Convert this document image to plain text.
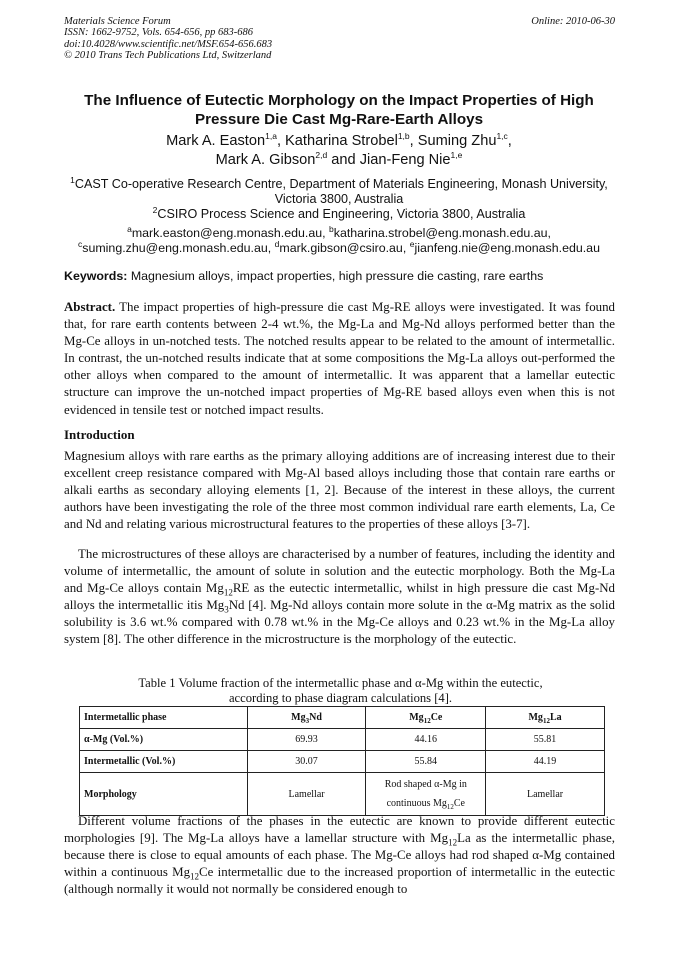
Materials Science Forum
ISSN: 1662-9752, Vols. 654-656, pp 683-686
doi:10.4028/www.scientific.net/MSF.654-656.683
© 2010 Trans Tech Publications Ltd, Switzerland
Online: 2010-06-30
The Influence of Eutectic Morphology on the Impact Properties of High
Pressure Die Cast Mg-Rare-Earth Alloys
Mark A. Easton$^{1,a}$, Katharina Strobel$^{1,b}$, Suming Zhu$^{1,c}$,
Mark A. Gibson$^{2,d}$ and Jian-Feng Nie$^{1,e}$
$^1$CAST Co-operative Research Centre, Department of Materials Engineering, Monash University,
Victoria 3800, Australia
$^2$CSIRO Process Science and Engineering, Victoria 3800, Australia
$^a$mark.easton@eng.monash.edu.au, $^b$katharina.strobel@eng.monash.edu.au,
$^c$suming.zhu@eng.monash.edu.au, $^d$mark.gibson@csiro.au, $^e$jianfeng.nie@eng.monash.edu.au
Keywords: Magnesium alloys, impact properties, high pressure die casting, rare earths
Abstract. The impact properties of high-pressure die cast Mg-RE alloys were investigated. It was found that, for rare earth contents between 2-4 wt.%, the Mg-La and Mg-Nd alloys performed better than the Mg-Ce alloys in un-notched tests. The notched results appear to be related to the amount of intermetallic. In contrast, the un-notched results indicate that at some compositions the Mg-La alloys out-performed the other alloys when compared to the amount of intermetallic. It was apparent that a lamellar eutectic structure can improve the un-notched impact properties of Mg-RE based alloys even when this is not evidenced in tensile test or notched impact results.
Introduction
Magnesium alloys with rare earths as the primary alloying additions are of increasing interest due to their excellent creep resistance compared with Mg-Al based alloys including those that contain rare earths or alkali earths as secondary alloying elements [1, 2]. Because of the interest in these alloys, the current authors have been investigating the role of the three most common individual rare earth elements, La, Ce and Nd and relating various microstructural features to the properties of these alloys [3-7].
The microstructures of these alloys are characterised by a number of features, including the identity and volume of intermetallic, the amount of solute in solution and the eutectic morphology. Both the Mg-La and Mg-Ce alloys contain $Mg_{12}RE$ as the eutectic intermetallic, whilst in high pressure die cast Mg-Nd alloys the intermetallic itis $Mg_3Nd$ [4]. Mg-Nd alloys contain more solute in the α-Mg matrix as the solid solubility is 3.6 wt.% compared with 0.78 wt.% in the Mg-Ce alloys and 0.23 wt.% in the Mg-La alloy system [8]. The other difference in the microstructure is the morphology of the eutectic.
Table 1 Volume fraction of the intermetallic phase and α-Mg within the eutectic,
according to phase diagram calculations [4].
Intermetallic phase	$Mg_3Nd$	$Mg_{12}Ce$	$Mg_{12}La$
α-Mg (Vol.%)	69.93	44.16	55.81
Intermetallic (Vol.%)	30.07	55.84	44.19
Morphology	Lamellar	Rod shaped α-Mg in
continuous $Mg_{12}Ce$	Lamellar
Different volume fractions of the phases in the eutectic are known to provide different eutectic morphologies [9]. The Mg-La alloys have a lamellar structure with $Mg_{12}La$ as the intermetallic phase, because there is close to equal amounts of each phase. The Mg-Ce alloys had rod shaped α-Mg contained within a continuous $Mg_{12}Ce$ intermetallic due to the increased proportion of intermetallic in the eutectic (although normally it would not normally be considered enough to
